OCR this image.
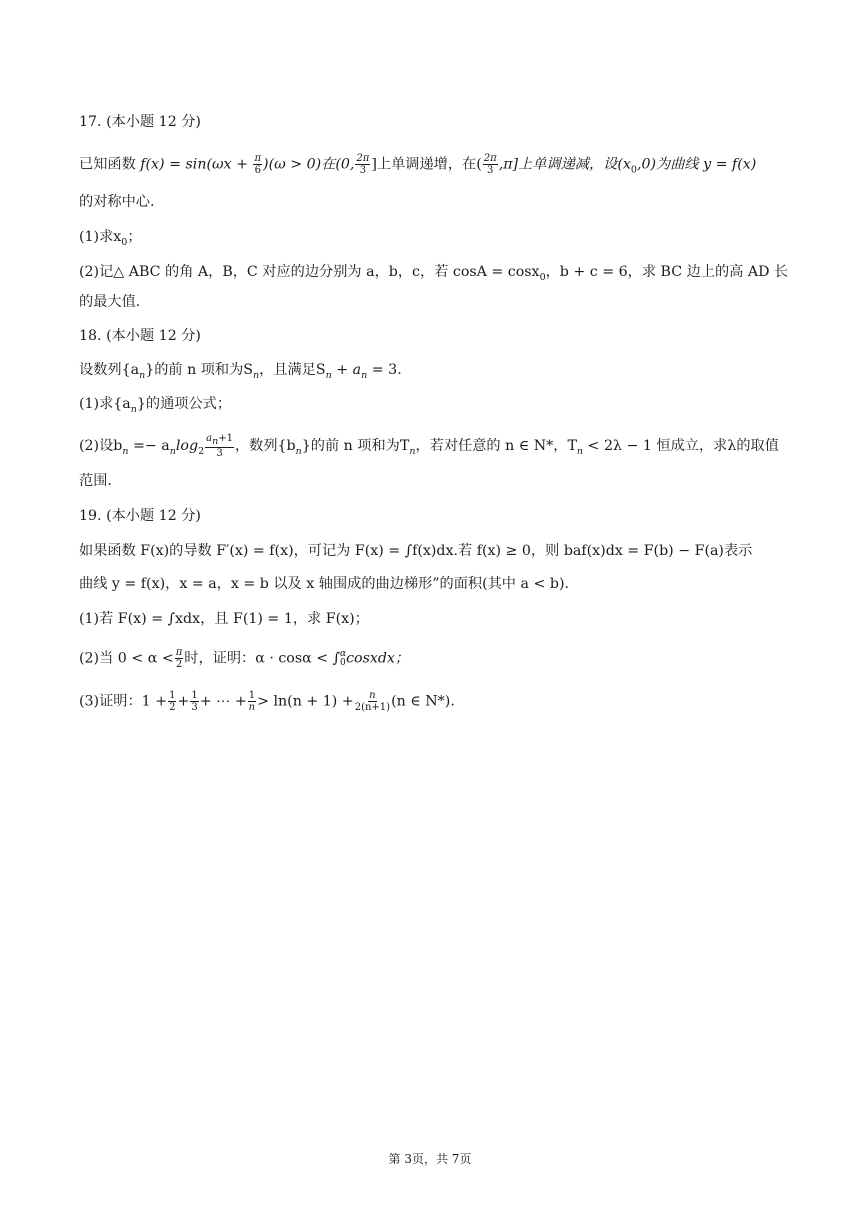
17. (本小题 12 分)
已知函数 $f(x) = \sin(\omega x + \frac{\pi}{6} )(\omega > 0)$在(0, $\frac{2\pi}{3}$ ]上单调递增，在( $\frac{2\pi}{3} ,\pi$]上单调递减，设$(x_0,0)$为曲线 y = f(x)
的对称中心.
(1)求$x_0$；
(2)记△ ABC 的角 A，B，C 对应的边分别为 a，b，c，若 cosA = cosx$_0$，b + c = 6，求 BC 边上的高 AD 长
的最大值.
18. (本小题 12 分)
设数列$\{a_n\}$的前 n 项和为$S_n$，且满足$S_n + a_n = 3$.
(1)求$\{a_n\}$的通项公式；
(2)设$b_n =- a_n\log_2 \frac{a_n+1}{3}$ ，数列$\{b_n\}$的前 n 项和为$T_n$，若对任意的 n ∈ N*，$T_n < 2\lambda - 1$ 恒成立，求λ的取值
范围.
19. (本小题 12 分)
如果函数 F(x)的导数 F′(x) = f(x)，可记为 F(x) = ∫f(x)dx.若 f(x) ≥ 0，则 baf(x)dx = F(b) − F(a)表示
曲线 y = f(x)，x = a，x = b 以及 x 轴围成的曲边梯形”的面积(其中 a < b).
(1)若 F(x) = ∫xdx，且 F(1) = 1，求 F(x)；
(2)当 $0 < \alpha < \frac{\pi}{2}$ 时，证明：α · cosα < ∫ α
0 cosxdx；
(3)证明：$1 + \frac{1}{2} + \frac{1}{3}$ + ⋯ + $\frac{1}{n} > \ln(n + 1) + \frac{n}{2(n+1)} (n$ ∈ N*).
第 3页，共 7页
